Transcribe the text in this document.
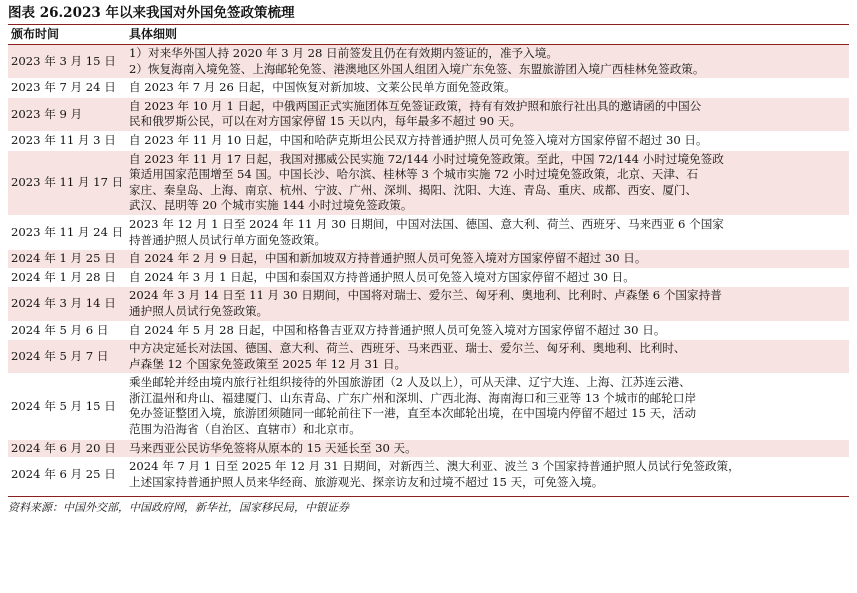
图表 26.2023 年以来我国对外国免签政策梳理
颁布时间	具体细则
2023 年 3 月 15 日	1）对来华外国人持 2020 年 3 月 28 日前签发且仍在有效期内签证的，准予入境。
2）恢复海南入境免签、上海邮轮免签、港澳地区外国人组团入境广东免签、东盟旅游团入境广西桂林免签政策。

2023 年 7 月 24 日	自 2023 年 7 月 26 日起，中国恢复对新加坡、文莱公民单方面免签政策。

2023 年 9 月	自 2023 年 10 月 1 日起，中俄两国正式实施团体互免签证政策，持有有效护照和旅行社出具的邀请函的中国公
民和俄罗斯公民，可以在对方国家停留 15 天以内，每年最多不超过 90 天。

2023 年 11 月 3 日	自 2023 年 11 月 10 日起，中国和哈萨克斯坦公民双方持普通护照人员可免签入境对方国家停留不超过 30 日。

2023 年 11 月 17 日	自 2023 年 11 月 17 日起，我国对挪威公民实施 72/144 小时过境免签政策。至此，中国 72/144 小时过境免签政
策适用国家范围增至 54 国。中国长沙、哈尔滨、桂林等 3 个城市实施 72 小时过境免签政策，北京、天津、石
家庄、秦皇岛、上海、南京、杭州、宁波、广州、深圳、揭阳、沈阳、大连、青岛、重庆、成都、西安、厦门、
武汉、昆明等 20 个城市实施 144 小时过境免签政策。

2023 年 11 月 24 日	2023 年 12 月 1 日至 2024 年 11 月 30 日期间，中国对法国、德国、意大利、荷兰、西班牙、马来西亚 6 个国家
持普通护照人员试行单方面免签政策。

2024 年 1 月 25 日	自 2024 年 2 月 9 日起，中国和新加坡双方持普通护照人员可免签入境对方国家停留不超过 30 日。

2024 年 1 月 28 日	自 2024 年 3 月 1 日起，中国和泰国双方持普通护照人员可免签入境对方国家停留不超过 30 日。

2024 年 3 月 14 日	2024 年 3 月 14 日至 11 月 30 日期间，中国将对瑞士、爱尔兰、匈牙利、奥地利、比利时、卢森堡 6 个国家持普
通护照人员试行免签政策。

2024 年 5 月 6 日	自 2024 年 5 月 28 日起，中国和格鲁吉亚双方持普通护照人员可免签入境对方国家停留不超过 30 日。

2024 年 5 月 7 日	中方决定延长对法国、德国、意大利、荷兰、西班牙、马来西亚、瑞士、爱尔兰、匈牙利、奥地利、比利时、
卢森堡 12 个国家免签政策至 2025 年 12 月 31 日。

2024 年 5 月 15 日	乘坐邮轮并经由境内旅行社组织接待的外国旅游团（2 人及以上），可从天津、辽宁大连、上海、江苏连云港、
浙江温州和舟山、福建厦门、山东青岛、广东广州和深圳、广西北海、海南海口和三亚等 13 个城市的邮轮口岸
免办签证整团入境，旅游团须随同一邮轮前往下一港，直至本次邮轮出境，在中国境内停留不超过 15 天，活动
范围为沿海省（自治区、直辖市）和北京市。

2024 年 6 月 20 日	马来西亚公民访华免签将从原本的 15 天延长至 30 天。

2024 年 6 月 25 日	2024 年 7 月 1 日至 2025 年 12 月 31 日期间，对新西兰、澳大利亚、波兰 3 个国家持普通护照人员试行免签政策，
上述国家持普通护照人员来华经商、旅游观光、探亲访友和过境不超过 15 天，可免签入境。
资料来源：中国外交部，中国政府网，新华社，国家移民局，中银证券
